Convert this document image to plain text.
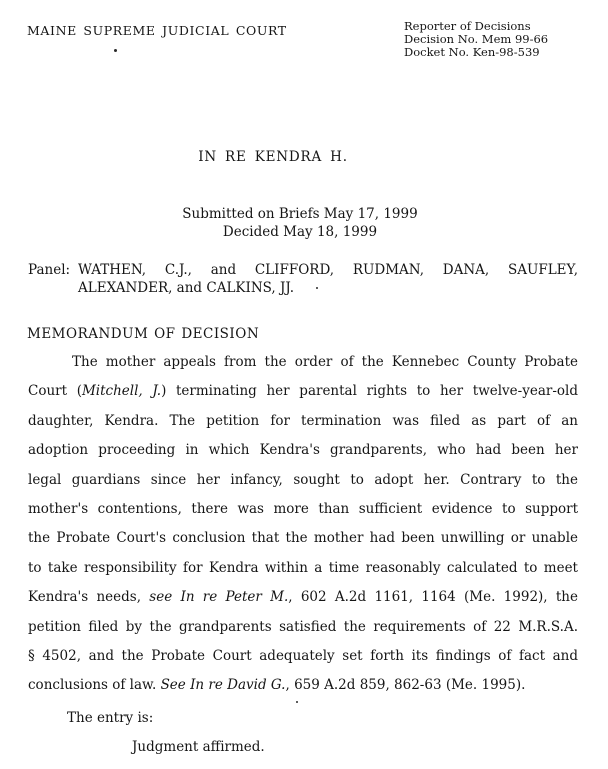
MAINE SUPREME JUDICIAL COURT	Reporter of Decisions
Decision No. Mem 99-66
Docket No. Ken-98-539
IN RE KENDRA H.
Submitted on Briefs May 17, 1999
Decided May 18, 1999
Panel: WATHEN, C.J., and CLIFFORD, RUDMAN, DANA, SAUFLEY,
ALEXANDER, and CALKINS, JJ.
MEMORANDUM OF DECISION
The mother appeals from the order of the Kennebec County Probate
Court (Mitchell, J.) terminating her parental rights to her twelve-year-old
daughter, Kendra. The petition for termination was filed as part of an
adoption proceeding in which Kendra's grandparents, who had been her
legal guardians since her infancy, sought to adopt her. Contrary to the
mother's contentions, there was more than sufficient evidence to support
the Probate Court's conclusion that the mother had been unwilling or unable
to take responsibility for Kendra within a time reasonably calculated to meet
Kendra's needs, see In re Peter M., 602 A.2d 1161, 1164 (Me. 1992), the
petition filed by the grandparents satisfied the requirements of 22 M.R.S.A.
§ 4502, and the Probate Court adequately set forth its findings of fact and
conclusions of law. See In re David G., 659 A.2d 859, 862-63 (Me. 1995).
The entry is:
Judgment affirmed.
